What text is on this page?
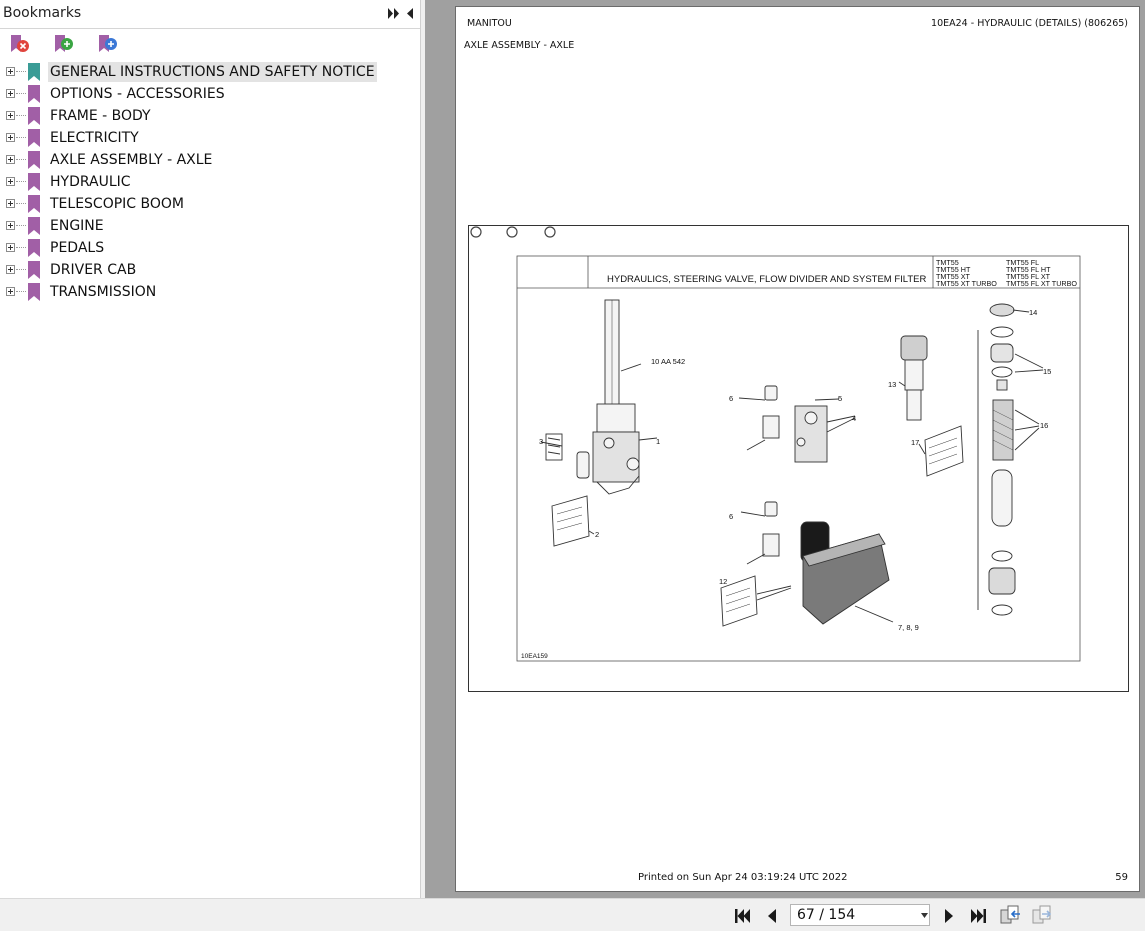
Bookmarks
GENERAL INSTRUCTIONS AND SAFETY NOTICE
OPTIONS - ACCESSORIES
FRAME - BODY
ELECTRICITY
AXLE ASSEMBLY - AXLE
HYDRAULIC
TELESCOPIC BOOM
ENGINE
PEDALS
DRIVER CAB
TRANSMISSION
MANITOU	10EA24 - HYDRAULIC (DETAILS) (806265)
AXLE ASSEMBLY - AXLE
HYDRAULICS, STEERING VALVE, FLOW DIVIDER AND SYSTEM FILTER
TMT55
TMT55 HT
TMT55 XT
TMT55 XT TURBO
TMT55 FL
TMT55 FL HT
TMT55 FL XT
TMT55 FL XT TURBO
10 AA 542
1
2
3
4
5
6
6
7, 8, 9
12
13
14
15
16
17
10EA159
Printed on Sun Apr 24 03:19:24 UTC 2022	59
67 / 154
